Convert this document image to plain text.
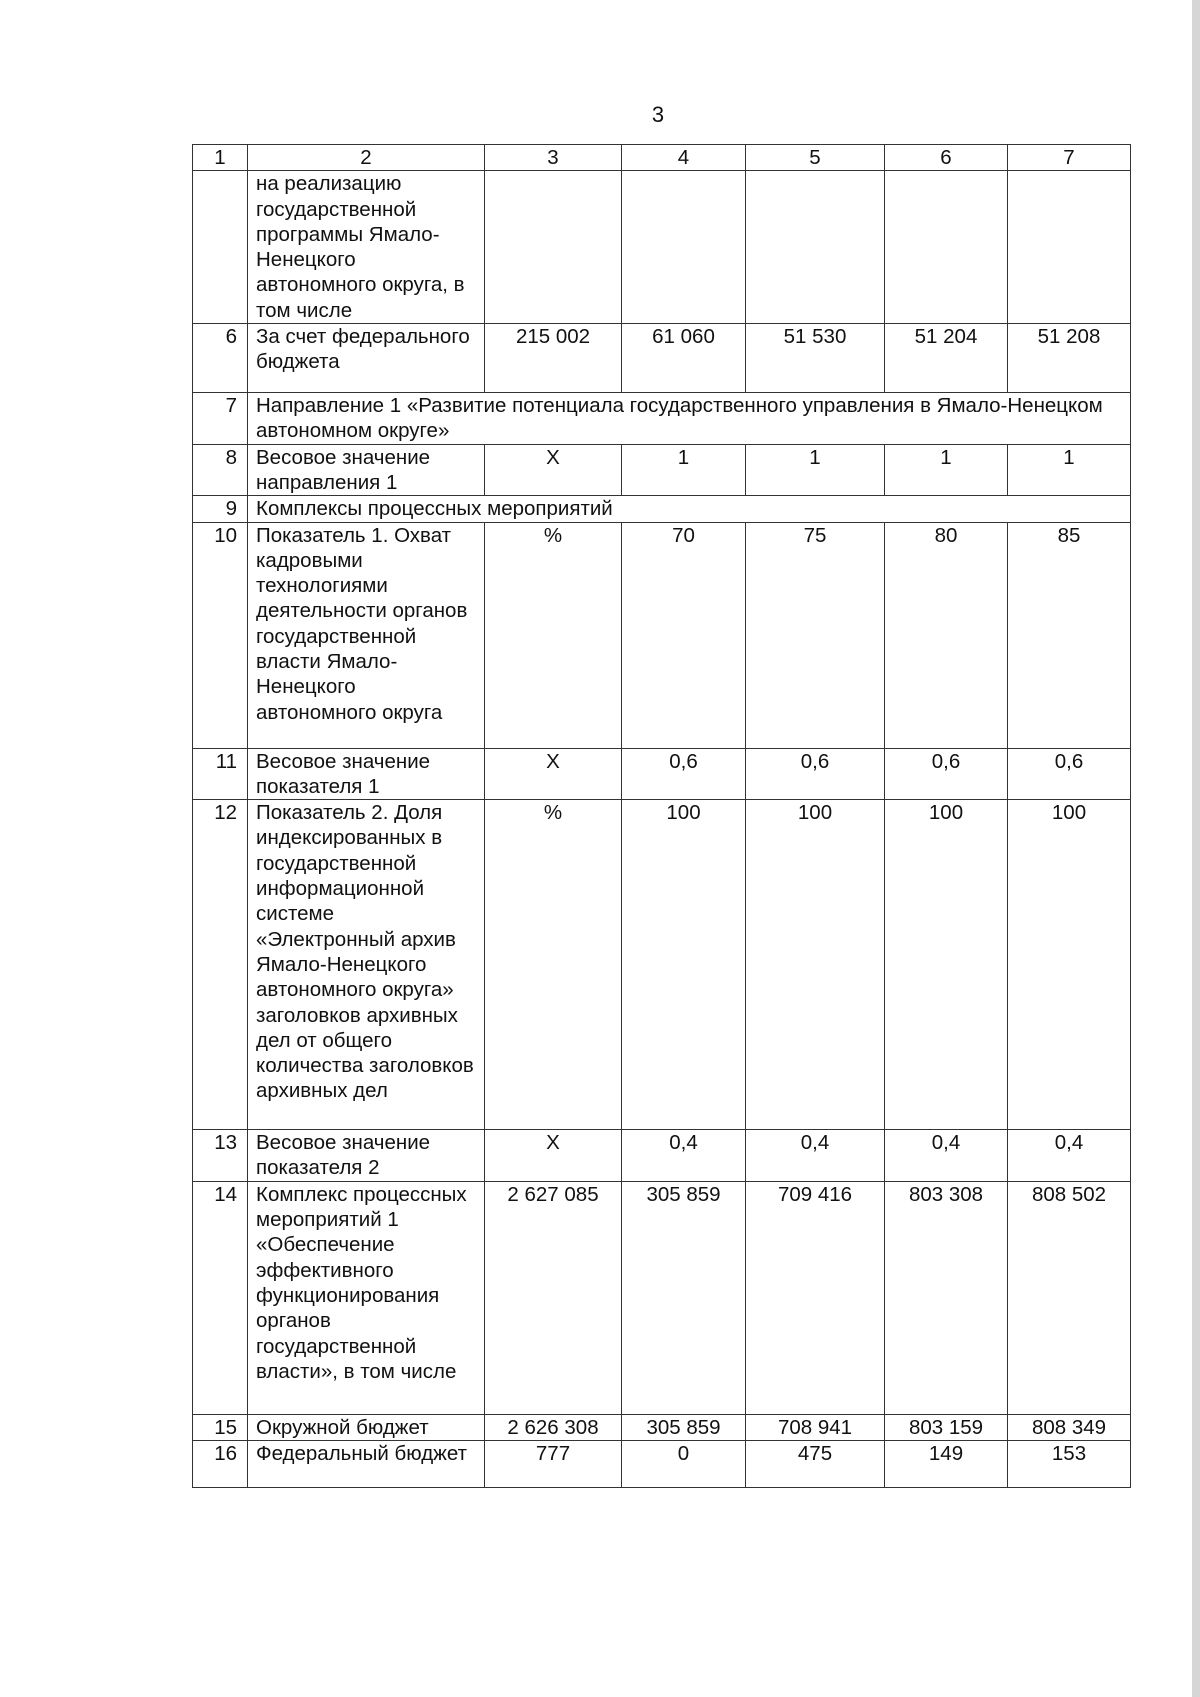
3
1	2	3	4	5	6	7
	на реализацию государственной программы Ямало-Ненецкого автономного округа, в том числе					
6	За счет федерального бюджета	215 002	61 060	51 530	51 204	51 208
7	Направление 1 «Развитие потенциала государственного управления в Ямало-Ненецком автономном округе»					
8	Весовое значение направления 1	Х	1	1	1	1
9	Комплексы процессных мероприятий					
10	Показатель 1. Охват кадровыми технологиями деятельности органов государственной власти Ямало-Ненецкого автономного округа	%	70	75	80	85
11	Весовое значение показателя 1	Х	0,6	0,6	0,6	0,6
12	Показатель 2. Доля индексированных в государственной информационной системе «Электронный архив Ямало-Ненецкого автономного округа» заголовков архивных дел от общего количества заголовков архивных дел	%	100	100	100	100
13	Весовое значение показателя 2	Х	0,4	0,4	0,4	0,4
14	Комплекс процессных мероприятий 1 «Обеспечение эффективного функционирования органов государственной власти», в том числе	2 627 085	305 859	709 416	803 308	808 502
15	Окружной бюджет	2 626 308	305 859	708 941	803 159	808 349
16	Федеральный бюджет	777	0	475	149	153
